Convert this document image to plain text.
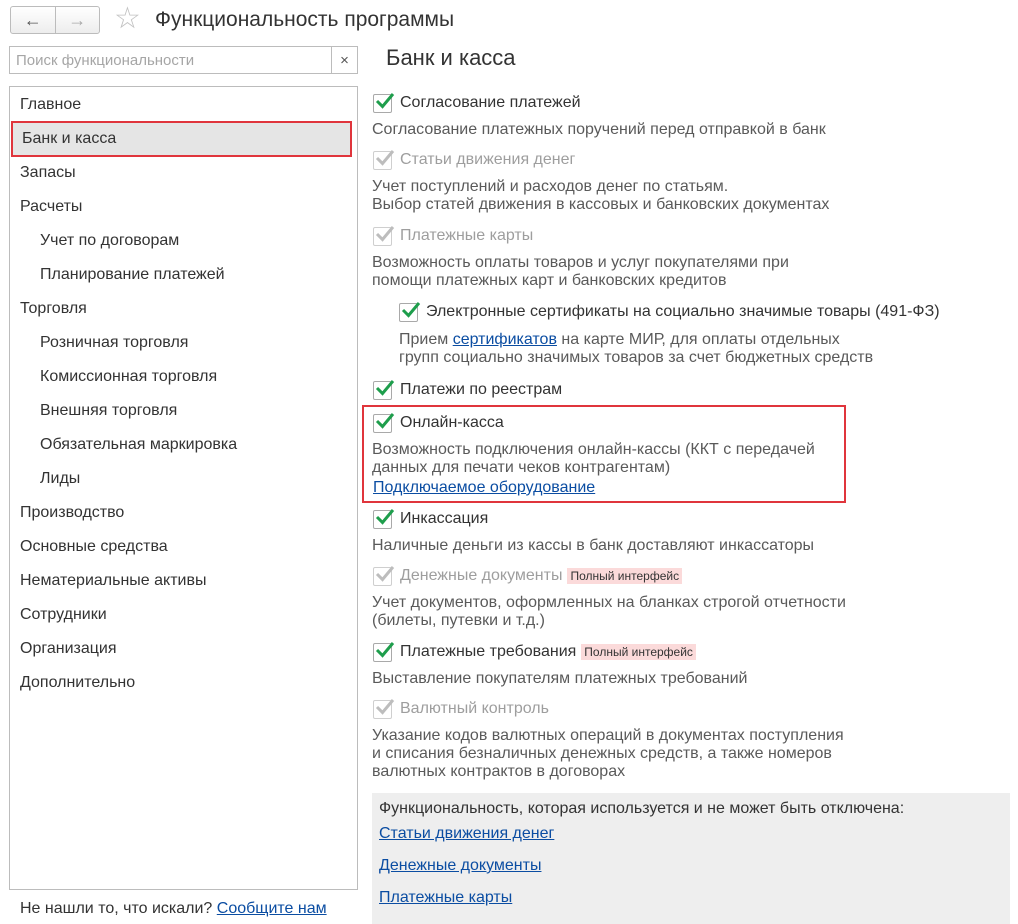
← → ☆ Функциональность программы
Поиск функциональности
×
Главное
Банк и касса
Запасы
Расчеты
Учет по договорам
Планирование платежей
Торговля
Розничная торговля
Комиссионная торговля
Внешняя торговля
Обязательная маркировка
Лиды
Производство
Основные средства
Нематериальные активы
Сотрудники
Организация
Дополнительно
Не нашли то, что искали? Сообщите нам
Банк и касса
Согласование платежей
Согласование платежных поручений перед отправкой в банк
Статьи движения денег
Учет поступлений и расходов денег по статьям.
Выбор статей движения в кассовых и банковских документах
Платежные карты
Возможность оплаты товаров и услуг покупателями при
помощи платежных карт и банковских кредитов
Электронные сертификаты на социально значимые товары (491-ФЗ)
Прием сертификатов на карте МИР, для оплаты отдельных
групп социально значимых товаров за счет бюджетных средств
Платежи по реестрам
Онлайн-касса
Возможность подключения онлайн-кассы (ККТ с передачей
данных для печати чеков контрагентам)
Подключаемое оборудование
Инкассация
Наличные деньги из кассы в банк доставляют инкассаторы
Денежные документы Полный интерфейс
Учет документов, оформленных на бланках строгой отчетности
(билеты, путевки и т.д.)
Платежные требования Полный интерфейс
Выставление покупателям платежных требований
Валютный контроль
Указание кодов валютных операций в документах поступления
и списания безналичных денежных средств, а также номеров
валютных контрактов в договорах
Функциональность, которая используется и не может быть отключена:
Статьи движения денег
Денежные документы
Платежные карты
